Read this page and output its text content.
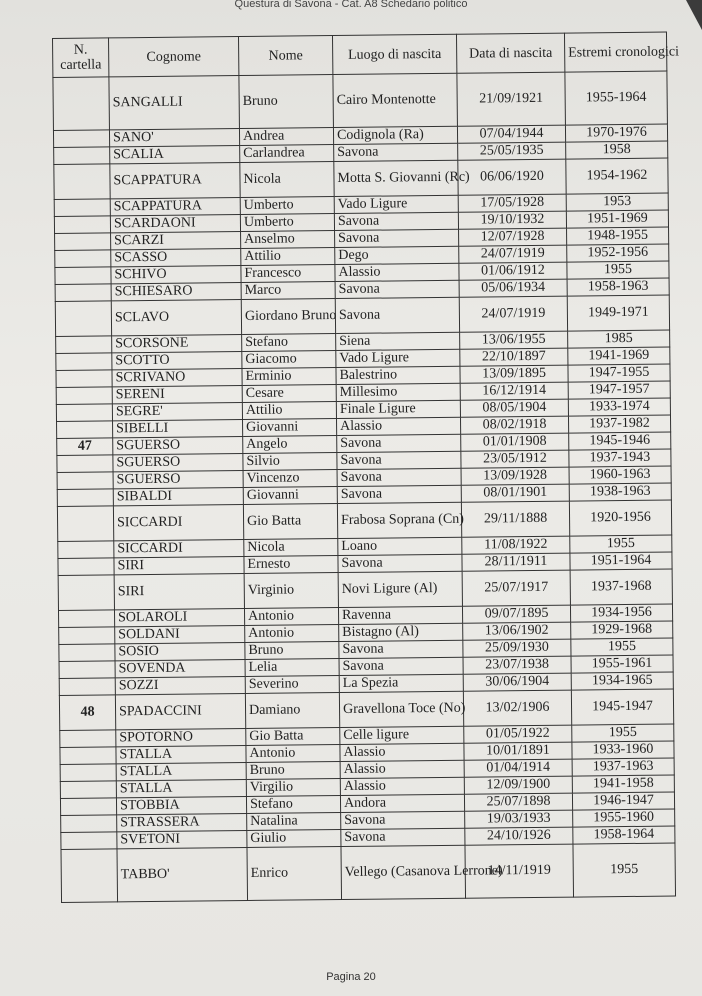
Questura di Savona - Cat. A8 Schedario politico
N. cartella	Cognome	Nome	Luogo di nascita	Data di nascita	Estremi cronologici
	SANGALLI	Bruno	Cairo Montenotte	21/09/1921	1955-1964
	SANO'	Andrea	Codignola (Ra)	07/04/1944	1970-1976
	SCALIA	Carlandrea	Savona	25/05/1935	1958
	SCAPPATURA	Nicola	Motta S. Giovanni (Rc)	06/06/1920	1954-1962
	SCAPPATURA	Umberto	Vado Ligure	17/05/1928	1953
	SCARDAONI	Umberto	Savona	19/10/1932	1951-1969
	SCARZI	Anselmo	Savona	12/07/1928	1948-1955
	SCASSO	Attilio	Dego	24/07/1919	1952-1956
	SCHIVO	Francesco	Alassio	01/06/1912	1955
	SCHIESARO	Marco	Savona	05/06/1934	1958-1963
	SCLAVO	Giordano Bruno	Savona	24/07/1919	1949-1971
	SCORSONE	Stefano	Siena	13/06/1955	1985
	SCOTTO	Giacomo	Vado Ligure	22/10/1897	1941-1969
	SCRIVANO	Erminio	Balestrino	13/09/1895	1947-1955
	SERENI	Cesare	Millesimo	16/12/1914	1947-1957
	SEGRE'	Attilio	Finale Ligure	08/05/1904	1933-1974
	SIBELLI	Giovanni	Alassio	08/02/1918	1937-1982
47	SGUERSO	Angelo	Savona	01/01/1908	1945-1946
	SGUERSO	Silvio	Savona	23/05/1912	1937-1943
	SGUERSO	Vincenzo	Savona	13/09/1928	1960-1963
	SIBALDI	Giovanni	Savona	08/01/1901	1938-1963
	SICCARDI	Gio Batta	Frabosa Soprana (Cn)	29/11/1888	1920-1956
	SICCARDI	Nicola	Loano	11/08/1922	1955
	SIRI	Ernesto	Savona	28/11/1911	1951-1964
	SIRI	Virginio	Novi Ligure (Al)	25/07/1917	1937-1968
	SOLAROLI	Antonio	Ravenna	09/07/1895	1934-1956
	SOLDANI	Antonio	Bistagno (Al)	13/06/1902	1929-1968
	SOSIO	Bruno	Savona	25/09/1930	1955
	SOVENDA	Lelia	Savona	23/07/1938	1955-1961
	SOZZI	Severino	La Spezia	30/06/1904	1934-1965
48	SPADACCINI	Damiano	Gravellona Toce (No)	13/02/1906	1945-1947
	SPOTORNO	Gio Batta	Celle ligure	01/05/1922	1955
	STALLA	Antonio	Alassio	10/01/1891	1933-1960
	STALLA	Bruno	Alassio	01/04/1914	1937-1963
	STALLA	Virgilio	Alassio	12/09/1900	1941-1958
	STOBBIA	Stefano	Andora	25/07/1898	1946-1947
	STRASSERA	Natalina	Savona	19/03/1933	1955-1960
	SVETONI	Giulio	Savona	24/10/1926	1958-1964
	TABBO'	Enrico	Vellego (Casanova Lerrone)	14/11/1919	1955
Pagina 20
